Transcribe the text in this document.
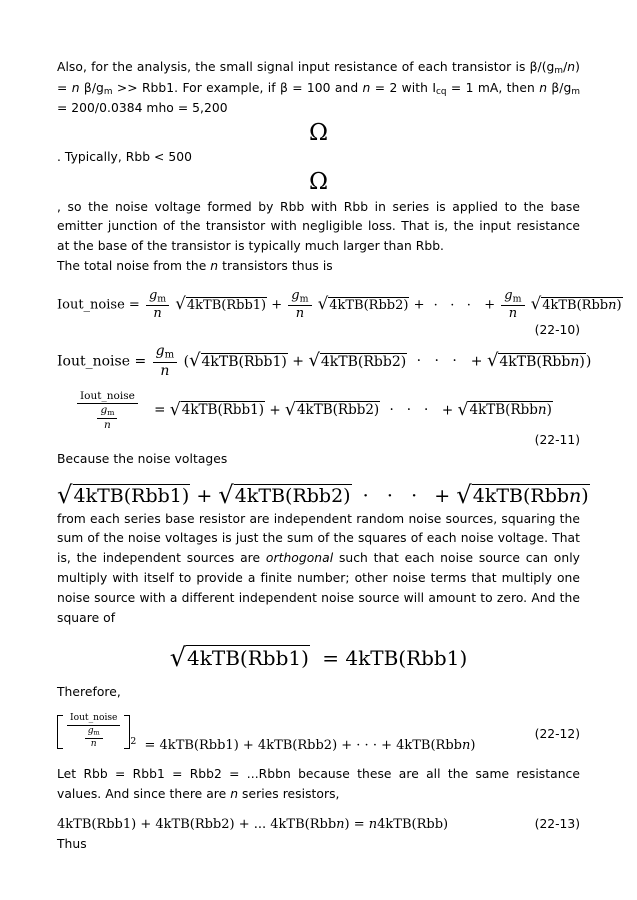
Also, for the analysis, the small signal input resistance of each transistor is $\beta/(g_m/n) = n$ $\beta/g_m >> Rbb1$. For example, if β = 100 and n = 2 with $I_{cq} = 1$ mA, then n $\beta/g_m = 200/0.0384$ mho = 5,200

Ω

. Typically, Rbb < 500

Ω

, so the noise voltage formed by Rbb with Rbb in series is applied to the base emitter junction of the transistor with negligible loss. That is, the input resistance at the base of the transistor is typically much larger than Rbb.

The total noise from the n transistors thus is

Iout_noise = $\frac{g_m}{n} √4kTB(Rbb1) + \frac{g_m}{n} √4kTB(Rbb2)$ + · · · + $\frac{g_m}{n}$ √4kTB(Rbbn)
(22-10)
Iout_noise = $\frac{g_m}{n} (√4kTB(Rbb1) + √4kTB(Rbb2)$ · · · + √4kTB(Rbbn))
$\frac{\text{Iout\_noise}}{\frac{g_m}{n}} = √4kTB(Rbb1) + √4kTB(Rbb2)$ · · · + √4kTB(Rbbn)
(22-11)

Because the noise voltages

√4kTB(Rbb1) + √4kTB(Rbb2) · · · + √4kTB(Rbbn)

from each series base resistor are independent random noise sources, squaring the sum of the noise voltages is just the sum of the squares of each noise voltage. That is, the independent sources are orthogonal such that each noise source can only multiply with itself to provide a finite number; other noise terms that multiply one noise source with a different independent noise source will amount to zero. And the square of

√4kTB(Rbb1) = 4kTB(Rbb1)

Therefore,

$\frac{\text{Iout\_noise}}{\frac{g_m}{n}} ^2 = 4kTB(Rbb1) + 4kTB(Rbb2)$ + · · · + 4kTB(Rbbn)
(22-12)

Let Rbb = Rbb1 = Rbb2 = ...Rbbn because these are all the same resistance values. And since there are n series resistors,

4kTB(Rbb1) + 4kTB(Rbb2) + ... 4kTB(Rbbn) = n4kTB(Rbb)	(22-13)

Thus
